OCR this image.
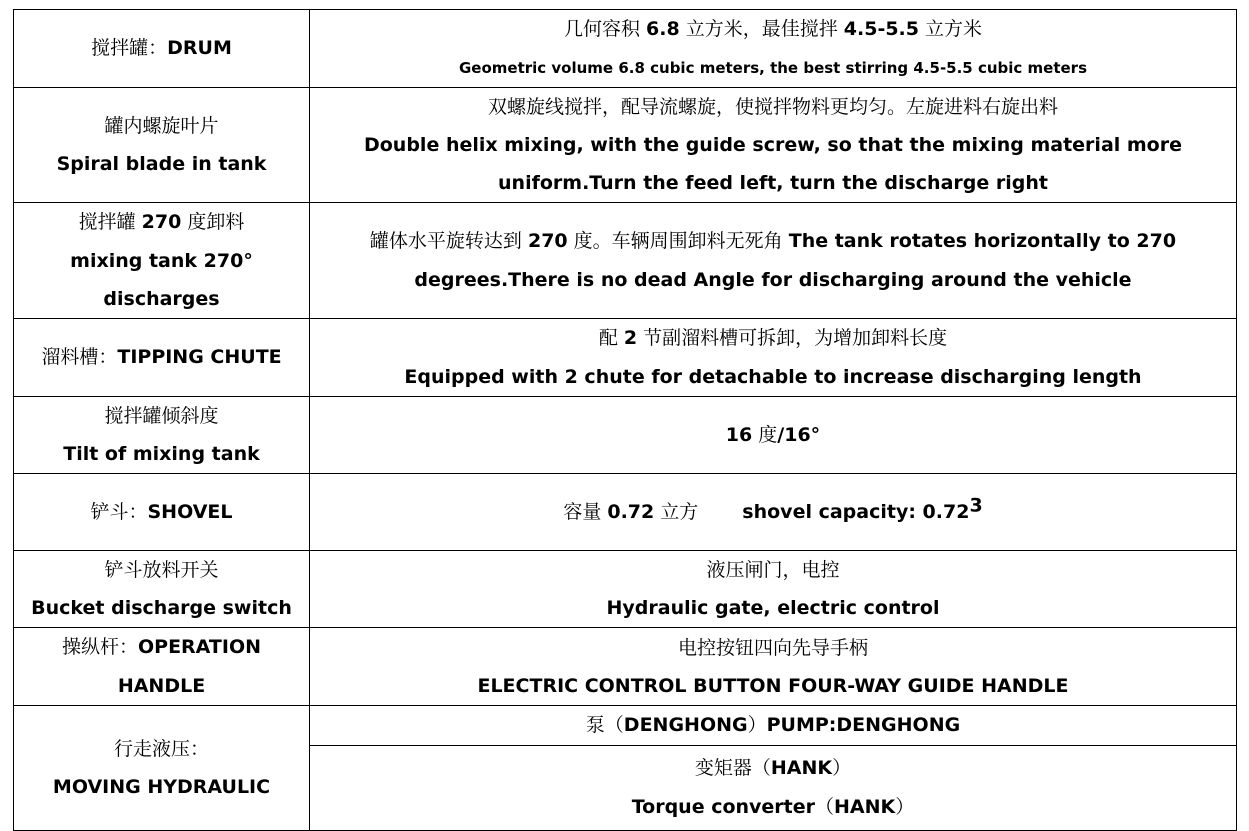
搅拌罐：DRUM	几何容积 6.8 立方米，最佳搅拌 4.5-5.5 立方米
Geometric volume 6.8 cubic meters, the best stirring 4.5-5.5 cubic meters

罐内螺旋叶片
Spiral blade in tank	双螺旋线搅拌，配导流螺旋，使搅拌物料更均匀。左旋进料右旋出料
Double helix mixing, with the guide screw, so that the mixing material more
uniform.Turn the feed left, turn the discharge right

搅拌罐 270 度卸料
mixing tank 270°
discharges	罐体水平旋转达到 270 度。车辆周围卸料无死角 The tank rotates horizontally to 270
degrees.There is no dead Angle for discharging around the vehicle

溜料槽：TIPPING CHUTE	配 2 节副溜料槽可拆卸，为增加卸料长度
Equipped with 2 chute for detachable to increase discharging length

搅拌罐倾斜度
Tilt of mixing tank	16 度/16°
铲斗：SHOVEL	容量 0.72 立方 shovel capacity: 0.72$^3$

铲斗放料开关
Bucket discharge switch	液压闸门，电控
Hydraulic gate, electric control

操纵杆：OPERATION
HANDLE	电控按钮四向先导手柄
ELECTRIC CONTROL BUTTON FOUR-WAY GUIDE HANDLE

行走液压：
MOVING HYDRAULIC	泵（DENGHONG）PUMP:DENGHONG

	变矩器（HANK）
Torque converter（HANK）
